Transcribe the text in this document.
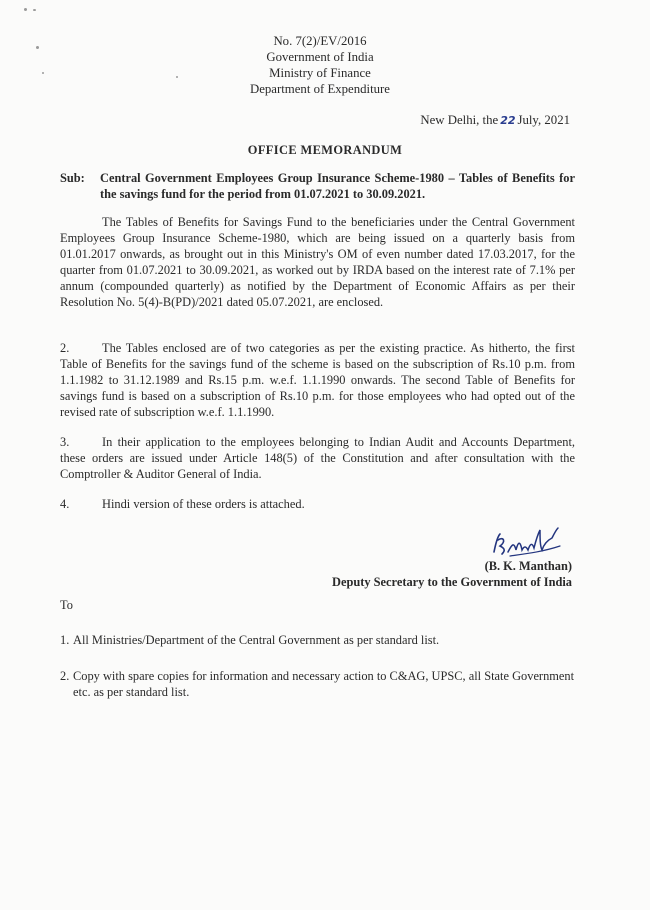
No. 7(2)/EV/2016
Government of India
Ministry of Finance
Department of Expenditure
New Delhi, the 22 July, 2021
OFFICE MEMORANDUM
Sub:	Central Government Employees Group Insurance Scheme-1980 – Tables of Benefits for the savings fund for the period from 01.07.2021 to 30.09.2021.
The Tables of Benefits for Savings Fund to the beneficiaries under the Central Government Employees Group Insurance Scheme-1980, which are being issued on a quarterly basis from 01.01.2017 onwards, as brought out in this Ministry's OM of even number dated 17.03.2017, for the quarter from 01.07.2021 to 30.09.2021, as worked out by IRDA based on the interest rate of 7.1% per annum (compounded quarterly) as notified by the Department of Economic Affairs as per their Resolution No. 5(4)-B(PD)/2021 dated 05.07.2021, are enclosed.
2.	The Tables enclosed are of two categories as per the existing practice. As hitherto, the first Table of Benefits for the savings fund of the scheme is based on the subscription of Rs.10 p.m. from 1.1.1982 to 31.12.1989 and Rs.15 p.m. w.e.f. 1.1.1990 onwards. The second Table of Benefits for savings fund is based on a subscription of Rs.10 p.m. for those employees who had opted out of the revised rate of subscription w.e.f. 1.1.1990.
3.	In their application to the employees belonging to Indian Audit and Accounts Department, these orders are issued under Article 148(5) of the Constitution and after consultation with the Comptroller & Auditor General of India.
4.	Hindi version of these orders is attached.
(B. K. Manthan)
Deputy Secretary to the Government of India
To
1. All Ministries/Department of the Central Government as per standard list.
2. Copy with spare copies for information and necessary action to C&AG, UPSC, all State Government etc. as per standard list.
